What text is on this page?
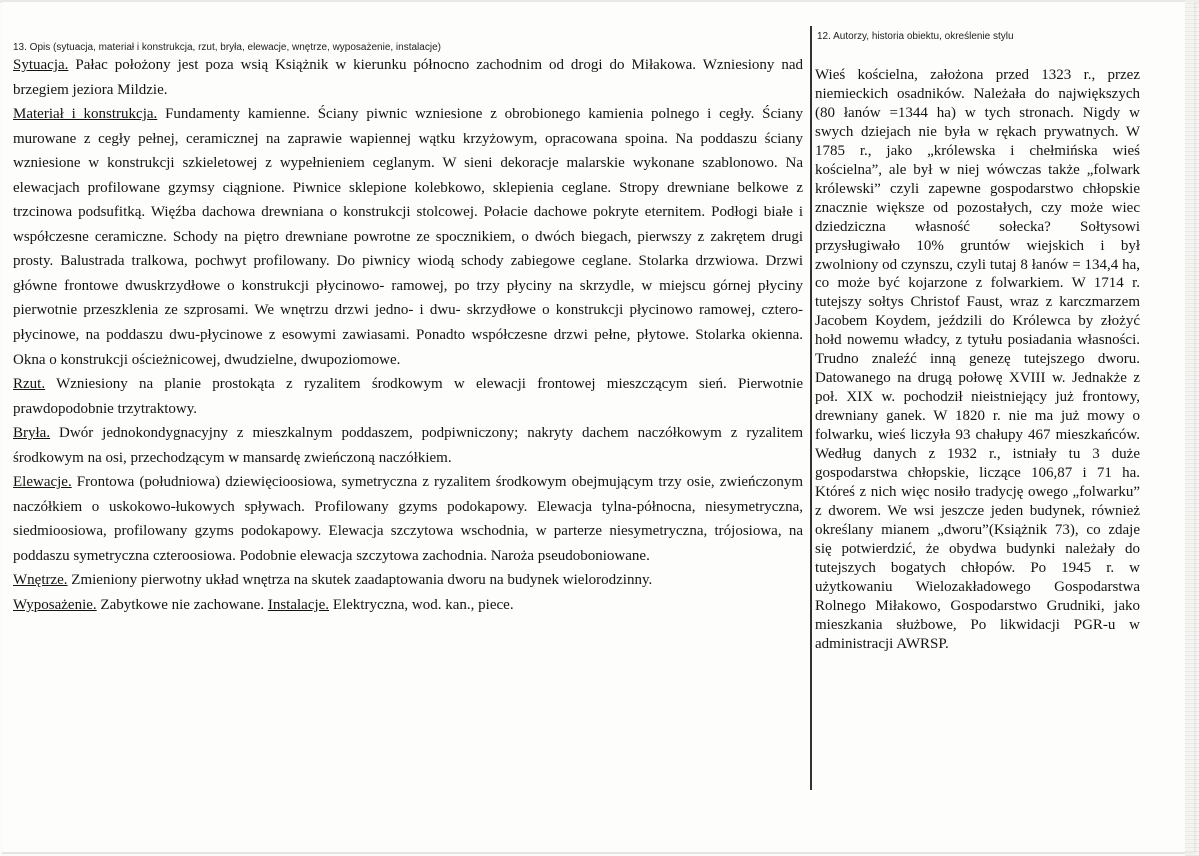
13. Opis (sytuacja, materiał i konstrukcja, rzut, bryła, elewacje, wnętrze, wyposażenie, instalacje)
12. Autorzy, historia obiektu, określenie stylu

Sytuacja. Pałac położony jest poza wsią Książnik w kierunku północno zachodnim od drogi do Miłakowa. Wzniesiony nad brzegiem jeziora Mildzie.

Materiał i konstrukcja. Fundamenty kamienne. Ściany piwnic wzniesione z obrobionego kamienia polnego i cegły. Ściany murowane z cegły pełnej, ceramicznej na zaprawie wapiennej wątku krzyżowym, opracowana spoina. Na poddaszu ściany wzniesione w konstrukcji szkieletowej z wypełnieniem ceglanym. W sieni dekoracje malarskie wykonane szablonowo. Na elewacjach profilowane gzymsy ciągnione. Piwnice sklepione kolebkowo, sklepienia ceglane. Stropy drewniane belkowe z trzcinowa podsufitką. Więźba dachowa drewniana o konstrukcji stolcowej. Połacie dachowe pokryte eternitem. Podłogi białe i współczesne ceramiczne. Schody na piętro drewniane powrotne ze spocznikiem, o dwóch biegach, pierwszy z zakrętem drugi prosty. Balustrada tralkowa, pochwyt profilowany. Do piwnicy wiodą schody zabiegowe ceglane. Stolarka drzwiowa. Drzwi główne frontowe dwuskrzydłowe o konstrukcji płycinowo- ramowej, po trzy płyciny na skrzydle, w miejscu górnej płyciny pierwotnie przeszklenia ze szprosami. We wnętrzu drzwi jedno- i dwu- skrzydłowe o konstrukcji płycinowo ramowej, cztero-płycinowe, na poddaszu dwu-płycinowe z esowymi zawiasami. Ponadto współczesne drzwi pełne, płytowe. Stolarka okienna. Okna o konstrukcji ościeżnicowej, dwudzielne, dwupoziomowe.

Rzut. Wzniesiony na planie prostokąta z ryzalitem środkowym w elewacji frontowej mieszczącym sień. Pierwotnie prawdopodobnie trzytraktowy.

Bryła. Dwór jednokondygnacyjny z mieszkalnym poddaszem, podpiwniczony; nakryty dachem naczółkowym z ryzalitem środkowym na osi, przechodzącym w mansardę zwieńczoną naczółkiem.

Elewacje. Frontowa (południowa) dziewięcioosiowa, symetryczna z ryzalitem środkowym obejmującym trzy osie, zwieńczonym naczółkiem o uskokowo-łukowych spływach. Profilowany gzyms podokapowy. Elewacja tylna-północna, niesymetryczna, siedmioosiowa, profilowany gzyms podokapowy. Elewacja szczytowa wschodnia, w parterze niesymetryczna, trójosiowa, na poddaszu symetryczna czteroosiowa. Podobnie elewacja szczytowa zachodnia. Naroża pseudoboniowane.

Wnętrze. Zmieniony pierwotny układ wnętrza na skutek zaadaptowania dworu na budynek wielorodzinny.

Wyposażenie. Zabytkowe nie zachowane. Instalacje. Elektryczna, wod. kan., piece.

Wieś kościelna, założona przed 1323 r., przez niemieckich osadników. Należała do największych (80 łanów =1344 ha) w tych stronach. Nigdy w swych dziejach nie była w rękach prywatnych. W 1785 r., jako „królewska i chełmińska wieś kościelna”, ale był w niej wówczas także „folwark królewski” czyli zapewne gospodarstwo chłopskie znacznie większe od pozostałych, czy może wiec dziedziczna własność sołecka? Sołtysowi przysługiwało 10% gruntów wiejskich i był zwolniony od czynszu, czyli tutaj 8 łanów = 134,4 ha, co może być kojarzone z folwarkiem. W 1714 r. tutejszy sołtys Christof Faust, wraz z karczmarzem Jacobem Koydem, jeździli do Królewca by złożyć hołd nowemu władcy, z tytułu posiadania własności. Trudno znaleźć inną genezę tutejszego dworu. Datowanego na drugą połowę XVIII w. Jednakże z poł. XIX w. pochodził nieistniejący już frontowy, drewniany ganek. W 1820 r. nie ma już mowy o folwarku, wieś liczyła 93 chałupy 467 mieszkańców. Według danych z 1932 r., istniały tu 3 duże gospodarstwa chłopskie, liczące 106,87 i 71 ha. Któreś z nich więc nosiło tradycję owego „folwarku” z dworem. We wsi jeszcze jeden budynek, również określany mianem „dworu”(Książnik 73), co zdaje się potwierdzić, że obydwa budynki należały do tutejszych bogatych chłopów. Po 1945 r. w użytkowaniu Wielozakładowego Gospodarstwa Rolnego Miłakowo, Gospodarstwo Grudniki, jako mieszkania służbowe, Po likwidacji PGR-u w administracji AWRSP.
